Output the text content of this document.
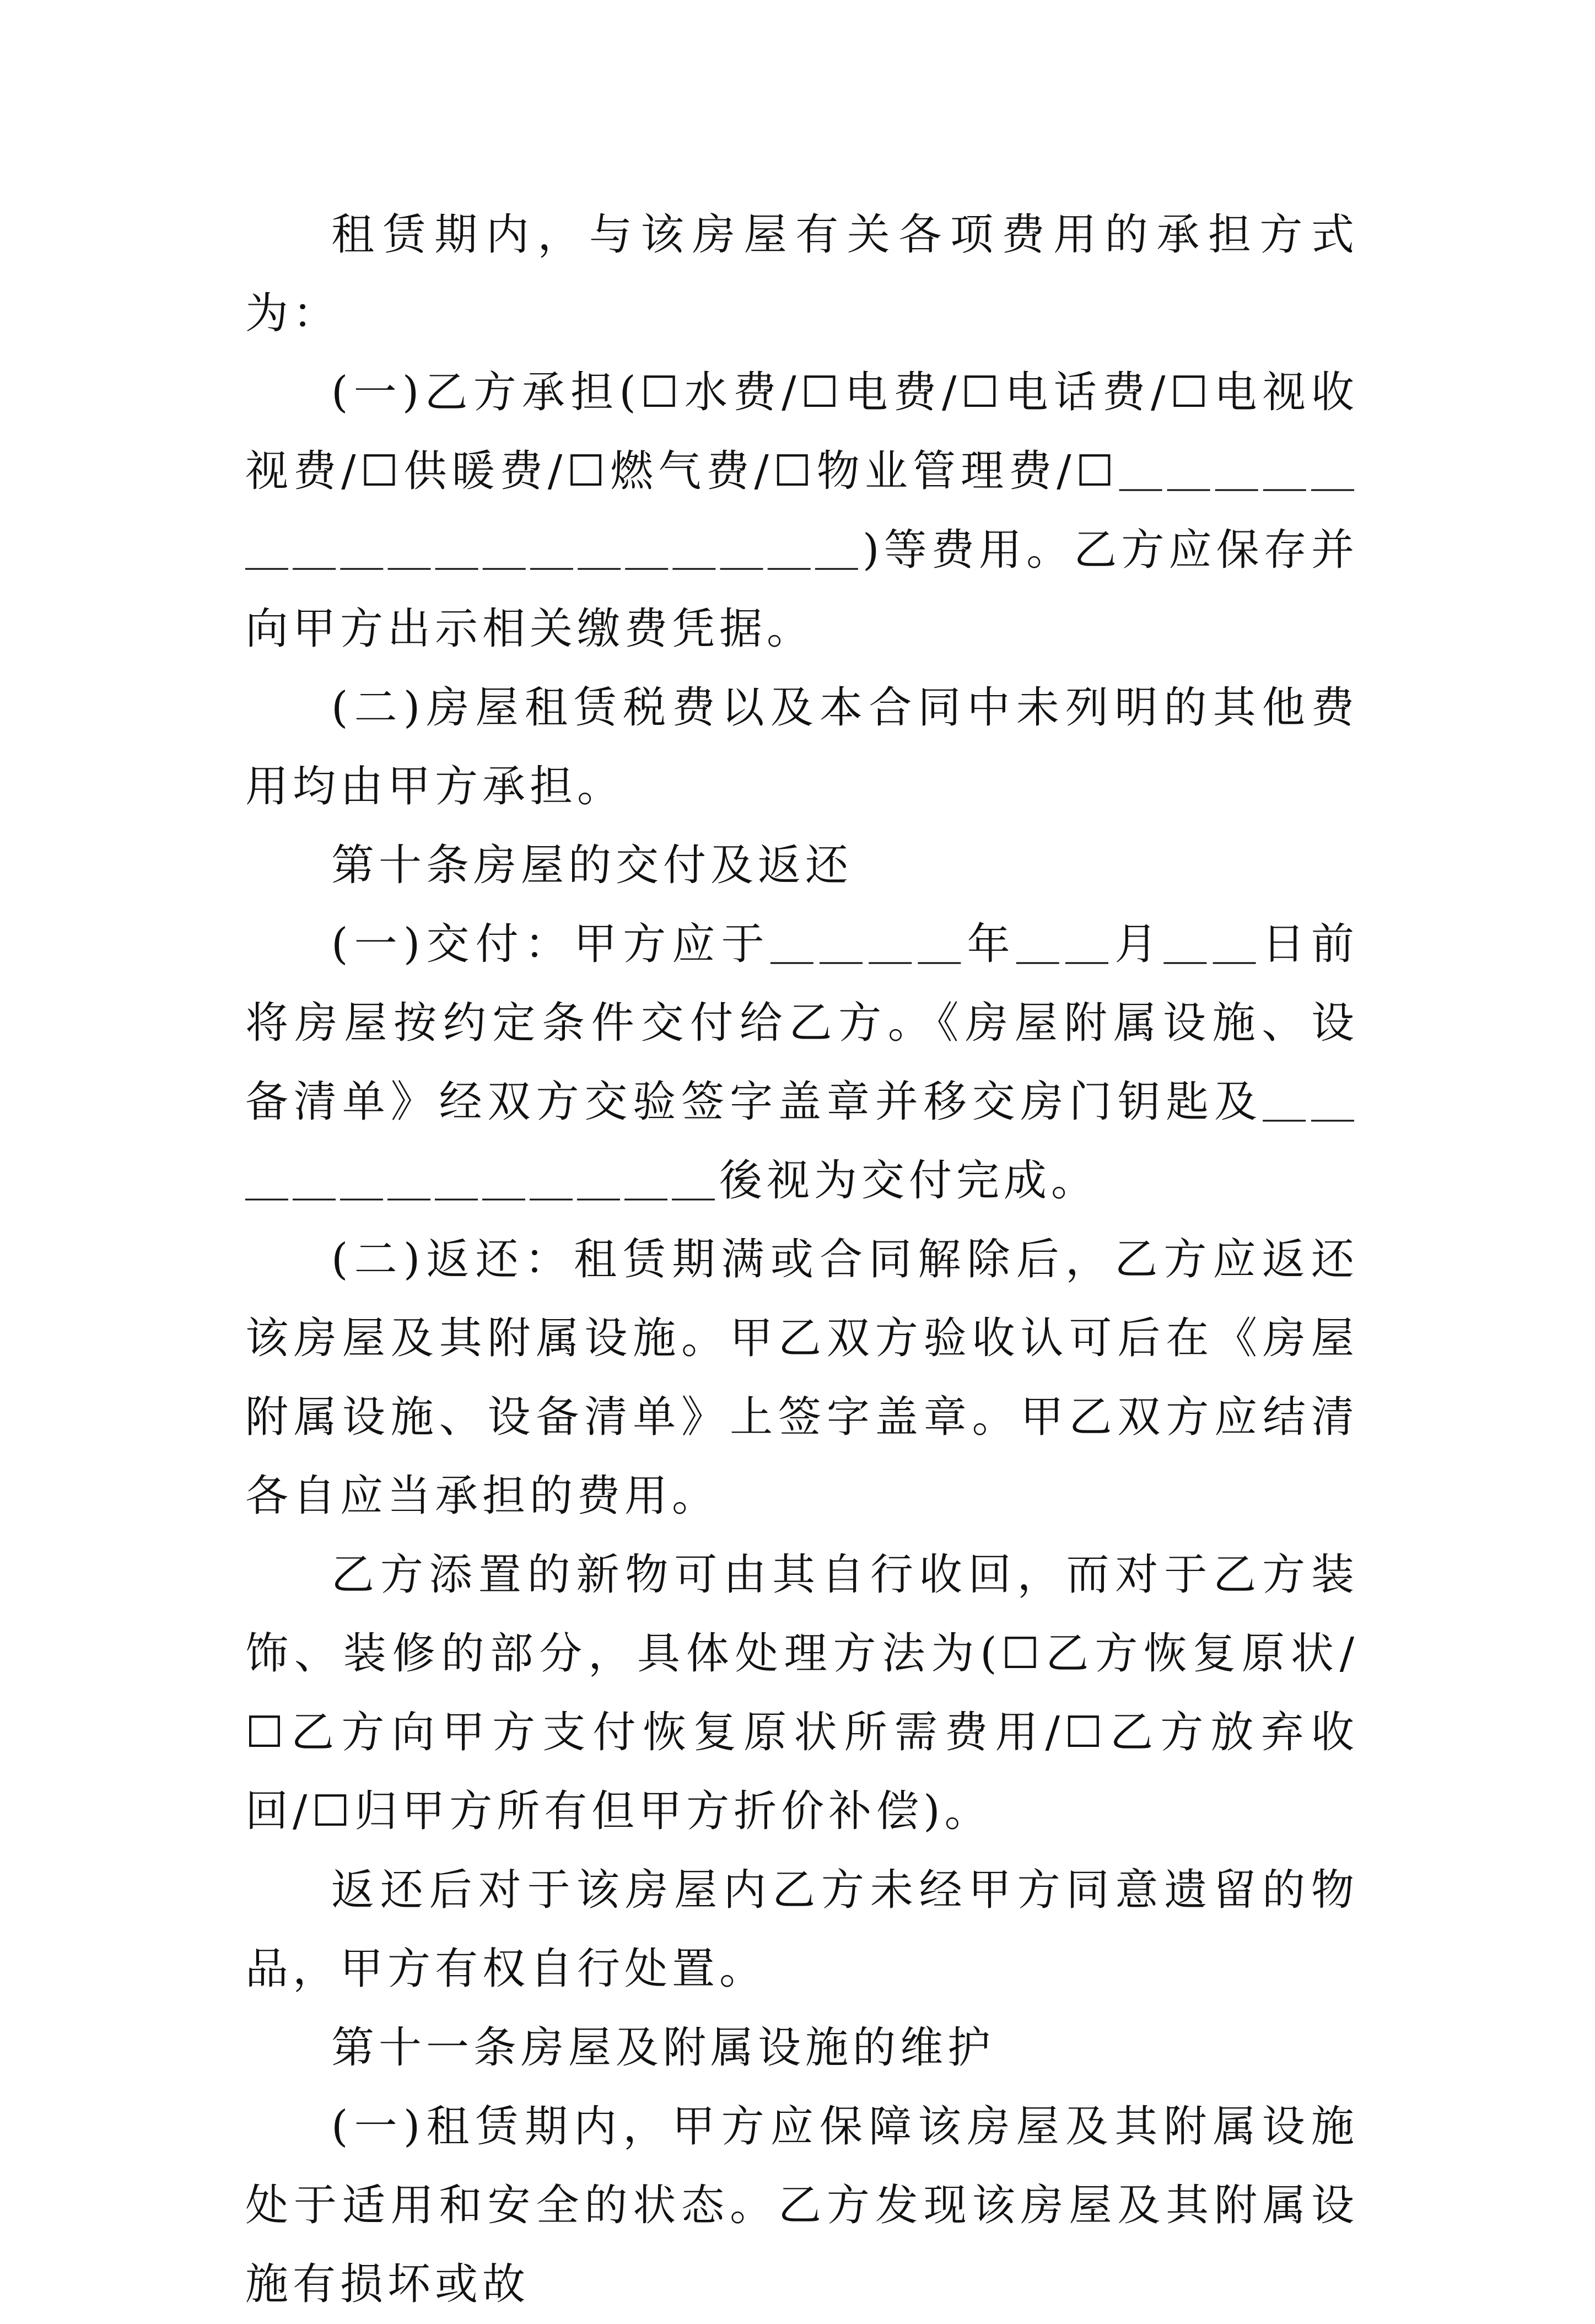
租赁期内，与该房屋有关各项费用的承担方式为：

(一)乙方承担(☐水费/☐电费/☐电话费/☐电视收视费/☐供暖费/☐燃气费/☐物业管理费/☐＿＿＿＿＿＿＿＿＿＿＿＿＿＿＿＿＿＿)等费用。乙方应保存并向甲方出示相关缴费凭据。

(二)房屋租赁税费以及本合同中未列明的其他费用均由甲方承担。

第十条房屋的交付及返还

(一)交付：甲方应于＿＿＿＿年＿＿月＿＿日前将房屋按约定条件交付给乙方。《房屋附属设施、设备清单》经双方交验签字盖章并移交房门钥匙及＿＿＿＿＿＿＿＿＿＿＿＿後视为交付完成。

(二)返还：租赁期满或合同解除后，乙方应返还该房屋及其附属设施。甲乙双方验收认可后在《房屋附属设施、设备清单》上签字盖章。甲乙双方应结清各自应当承担的费用。

乙方添置的新物可由其自行收回，而对于乙方装饰、装修的部分，具体处理方法为(☐乙方恢复原状/☐乙方向甲方支付恢复原状所需费用/☐乙方放弃收回/☐归甲方所有但甲方折价补偿)。

返还后对于该房屋内乙方未经甲方同意遗留的物品，甲方有权自行处置。

第十一条房屋及附属设施的维护

(一)租赁期内，甲方应保障该房屋及其附属设施处于适用和安全的状态。乙方发现该房屋及其附属设施有损坏或故
